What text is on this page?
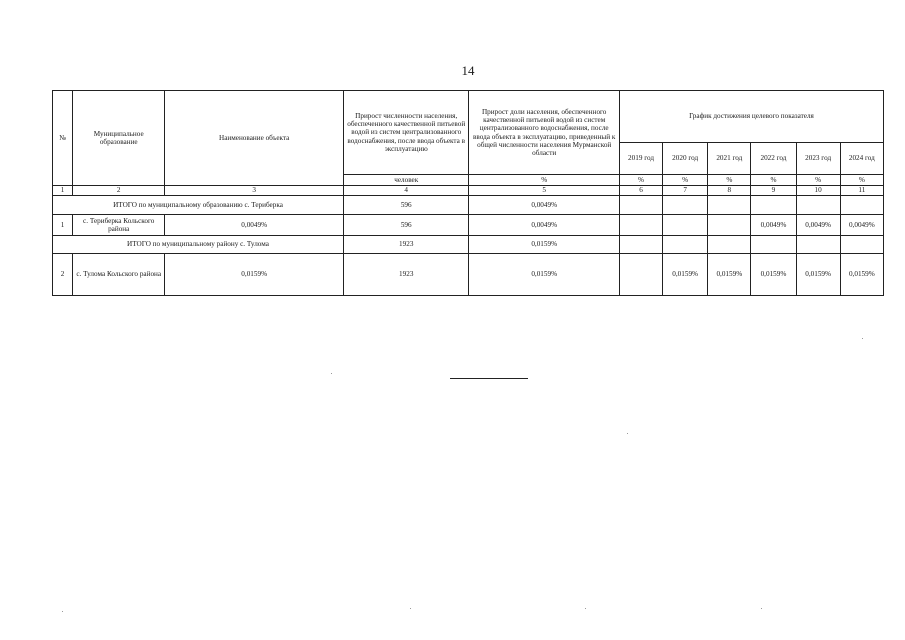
14
№	Муниципальное образование	Наименование объекта	Прирост численности населения, обеспеченного качественной питьевой водой из систем централизованного водоснабжения, после ввода объекта в эксплуатацию	Прирост доли населения, обеспеченного качественной питьевой водой из систем централизованного водоснабжения, после ввода объекта в эксплуатацию, приведенный к общей численности населения Мурманской области	График достижения целевого показателя					
					2019 год	2020 год	2021 год	2022 год	2023 год	2024 год
			человек	%	%	%	%	%	%	%
1	2	3	4	5	6	7	8	9	10	11
ИТОГО по муниципальному образованию с. Териберка			596	0,0049%						
1	с. Териберка Кольского района	0,0049%	596	0,0049%				0,0049%	0,0049%	0,0049%
ИТОГО по муниципальному району с. Тулома			1923	0,0159%						
2	с. Тулома Кольского района	0,0159%	1923	0,0159%		0,0159%	0,0159%	0,0159%	0,0159%	0,0159%
